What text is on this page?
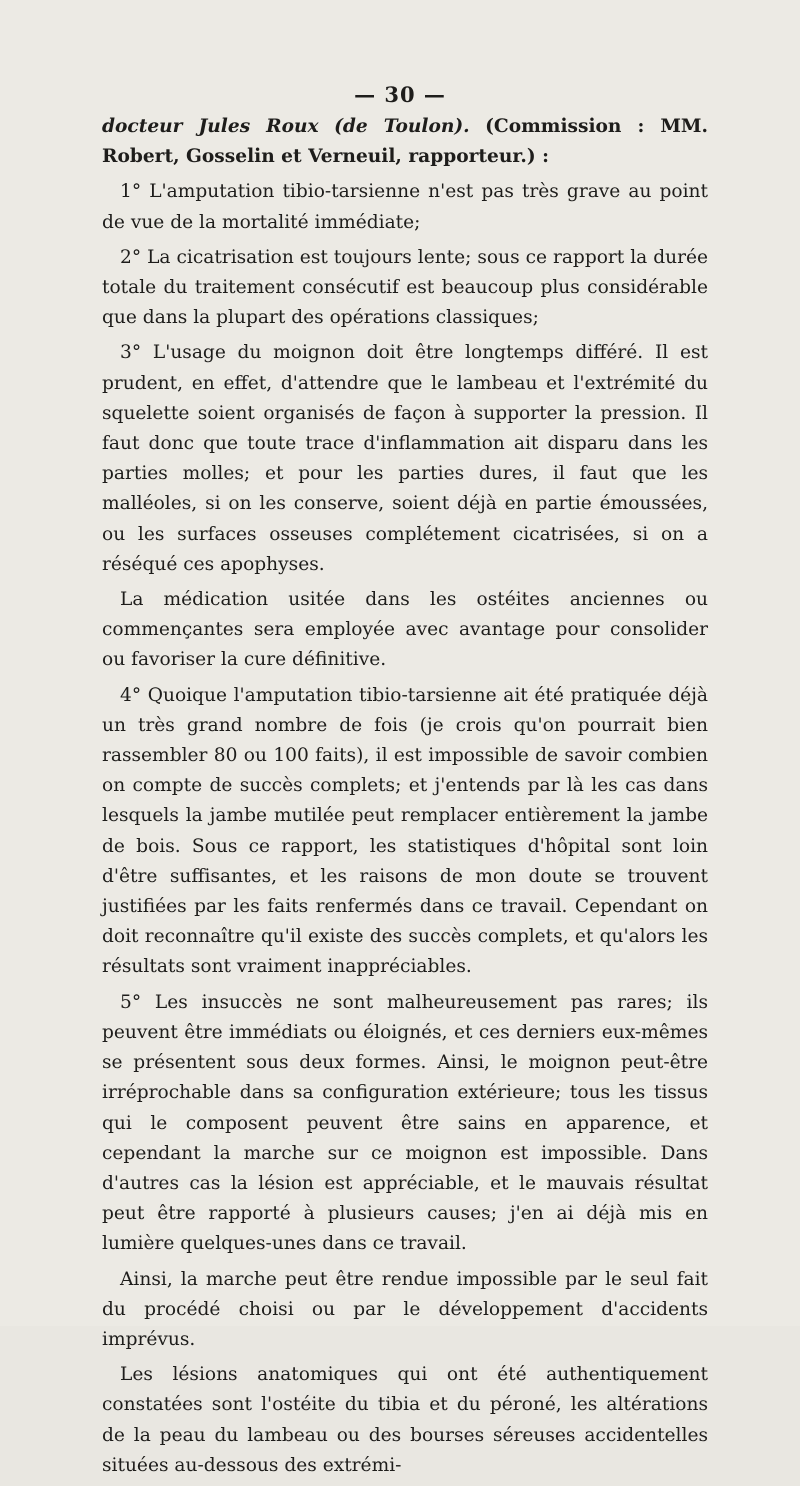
— 30 —

docteur Jules Roux (de Toulon). (Commission : MM. Robert, Gosselin et Verneuil, rapporteur.) :

1° L'amputation tibio-tarsienne n'est pas très grave au point de vue de la mortalité immédiate;

2° La cicatrisation est toujours lente; sous ce rapport la durée totale du traitement consécutif est beaucoup plus considérable que dans la plupart des opérations classiques;

3° L'usage du moignon doit être longtemps différé. Il est prudent, en effet, d'attendre que le lambeau et l'extrémité du squelette soient organisés de façon à supporter la pression. Il faut donc que toute trace d'inflammation ait disparu dans les parties molles; et pour les parties dures, il faut que les malléoles, si on les conserve, soient déjà en partie émoussées, ou les surfaces osseuses complétement cicatrisées, si on a réséqué ces apophyses.

La médication usitée dans les ostéites anciennes ou commençantes sera employée avec avantage pour consolider ou favoriser la cure définitive.

4° Quoique l'amputation tibio-tarsienne ait été pratiquée déjà un très grand nombre de fois (je crois qu'on pourrait bien rassembler 80 ou 100 faits), il est impossible de savoir combien on compte de succès complets; et j'entends par là les cas dans lesquels la jambe mutilée peut remplacer entièrement la jambe de bois. Sous ce rapport, les statistiques d'hôpital sont loin d'être suffisantes, et les raisons de mon doute se trouvent justifiées par les faits renfermés dans ce travail. Cependant on doit reconnaître qu'il existe des succès complets, et qu'alors les résultats sont vraiment inappréciables.

5° Les insuccès ne sont malheureusement pas rares; ils peuvent être immédiats ou éloignés, et ces derniers eux-mêmes se présentent sous deux formes. Ainsi, le moignon peut-être irréprochable dans sa configuration extérieure; tous les tissus qui le composent peuvent être sains en apparence, et cependant la marche sur ce moignon est impossible. Dans d'autres cas la lésion est appréciable, et le mauvais résultat peut être rapporté à plusieurs causes; j'en ai déjà mis en lumière quelques-unes dans ce travail.

Ainsi, la marche peut être rendue impossible par le seul fait du procédé choisi ou par le développement d'accidents imprévus.

Les lésions anatomiques qui ont été authentiquement constatées sont l'ostéite du tibia et du péroné, les altérations de la peau du lambeau ou des bourses séreuses accidentelles situées au-dessous des extrémi-
